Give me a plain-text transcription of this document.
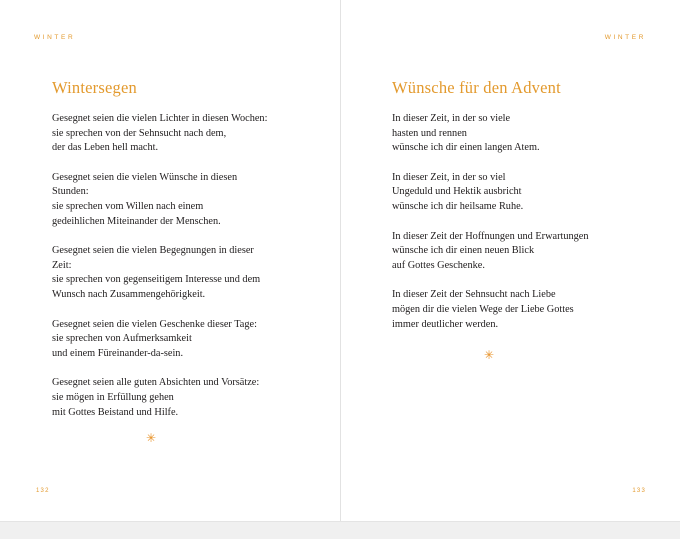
WINTER
Wintersegen

Gesegnet seien die vielen Lichter in diesen Wochen:
sie sprechen von der Sehnsucht nach dem,
der das Leben hell macht.

Gesegnet seien die vielen Wünsche in diesen
Stunden:
sie sprechen vom Willen nach einem
gedeihlichen Miteinander der Menschen.

Gesegnet seien die vielen Begegnungen in dieser
Zeit:
sie sprechen von gegenseitigem Interesse und dem
Wunsch nach Zusammengehörigkeit.

Gesegnet seien die vielen Geschenke dieser Tage:
sie sprechen von Aufmerksamkeit
und einem Füreinander-da-sein.

Gesegnet seien alle guten Absichten und Vorsätze:
sie mögen in Erfüllung gehen
mit Gottes Beistand und Hilfe.

✳
132
WINTER
Wünsche für den Advent

In dieser Zeit, in der so viele
hasten und rennen
wünsche ich dir einen langen Atem.

In dieser Zeit, in der so viel
Ungeduld und Hektik ausbricht
wünsche ich dir heilsame Ruhe.

In dieser Zeit der Hoffnungen und Erwartungen
wünsche ich dir einen neuen Blick
auf Gottes Geschenke.

In dieser Zeit der Sehnsucht nach Liebe
mögen dir die vielen Wege der Liebe Gottes
immer deutlicher werden.

✳
133
